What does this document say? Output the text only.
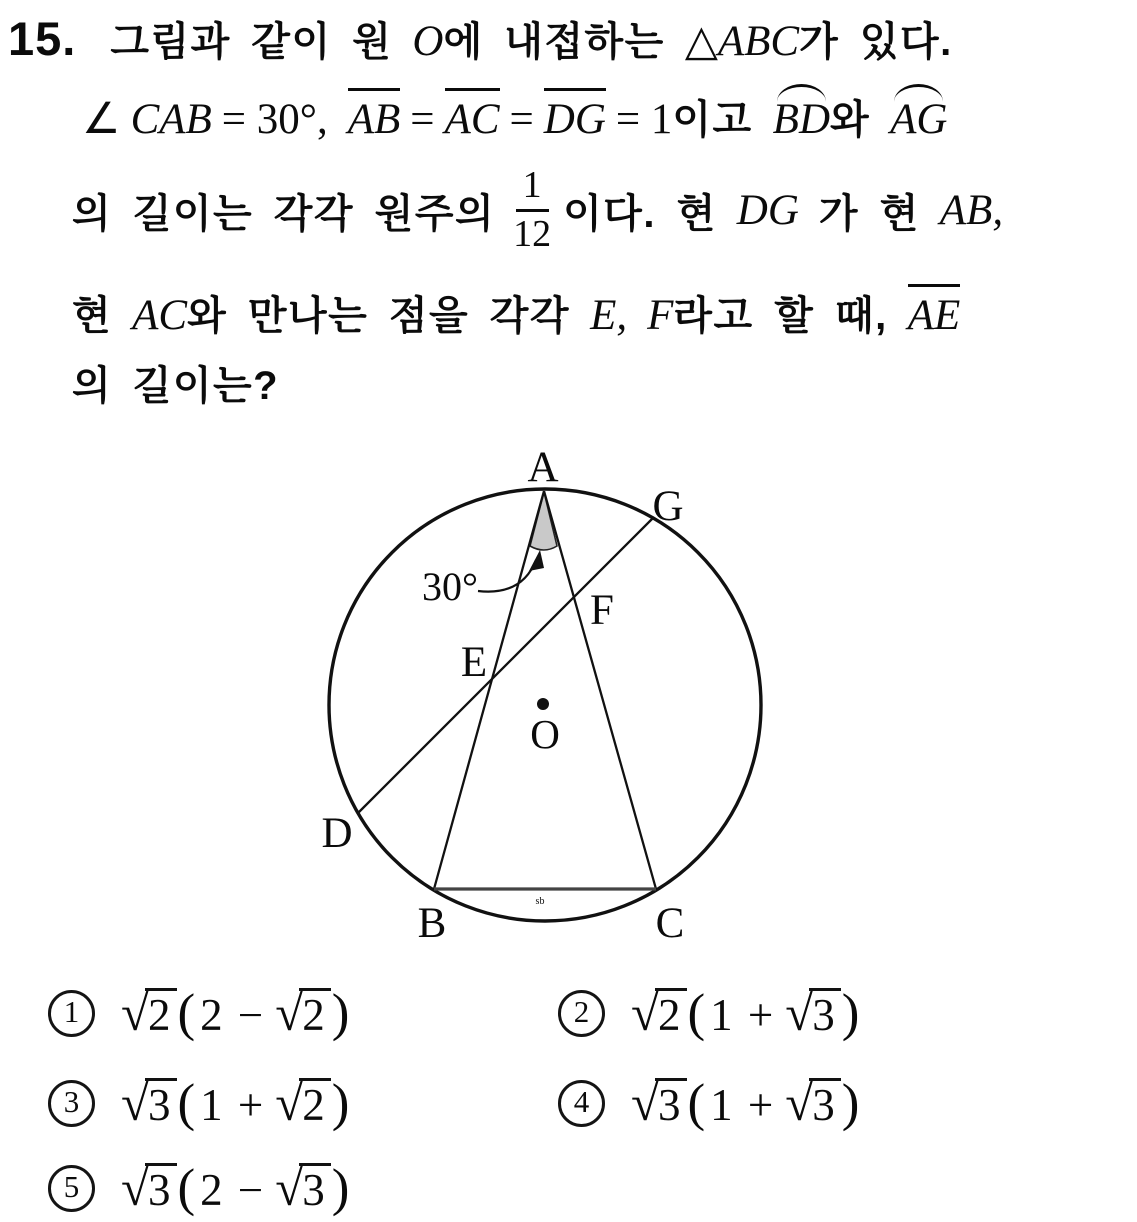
15. 그림과 같이 원 O 에 내접하는 △ ABC 가 있다.
∠ CAB = 30°, AB = AC = DG = 1 이고 BD 와 AG
의 길이는 각각 원주의 $\frac{1}{12}$ 이다. 현 DG 가 현 AB,
현 AC 와 만나는 점을 각각 E, F 라고 할 때, AE
의 길이는?
A
G
F
E
O
D
B	C
30°
sb
1 √ 2 ( 2 − √ 2 )	2 √ 2 ( 1 + √ 3 )
3 √ 3 ( 1 + √ 2 )	4 √ 3 ( 1 + √ 3 )
5 √ 3 ( 2 − √ 3 )
